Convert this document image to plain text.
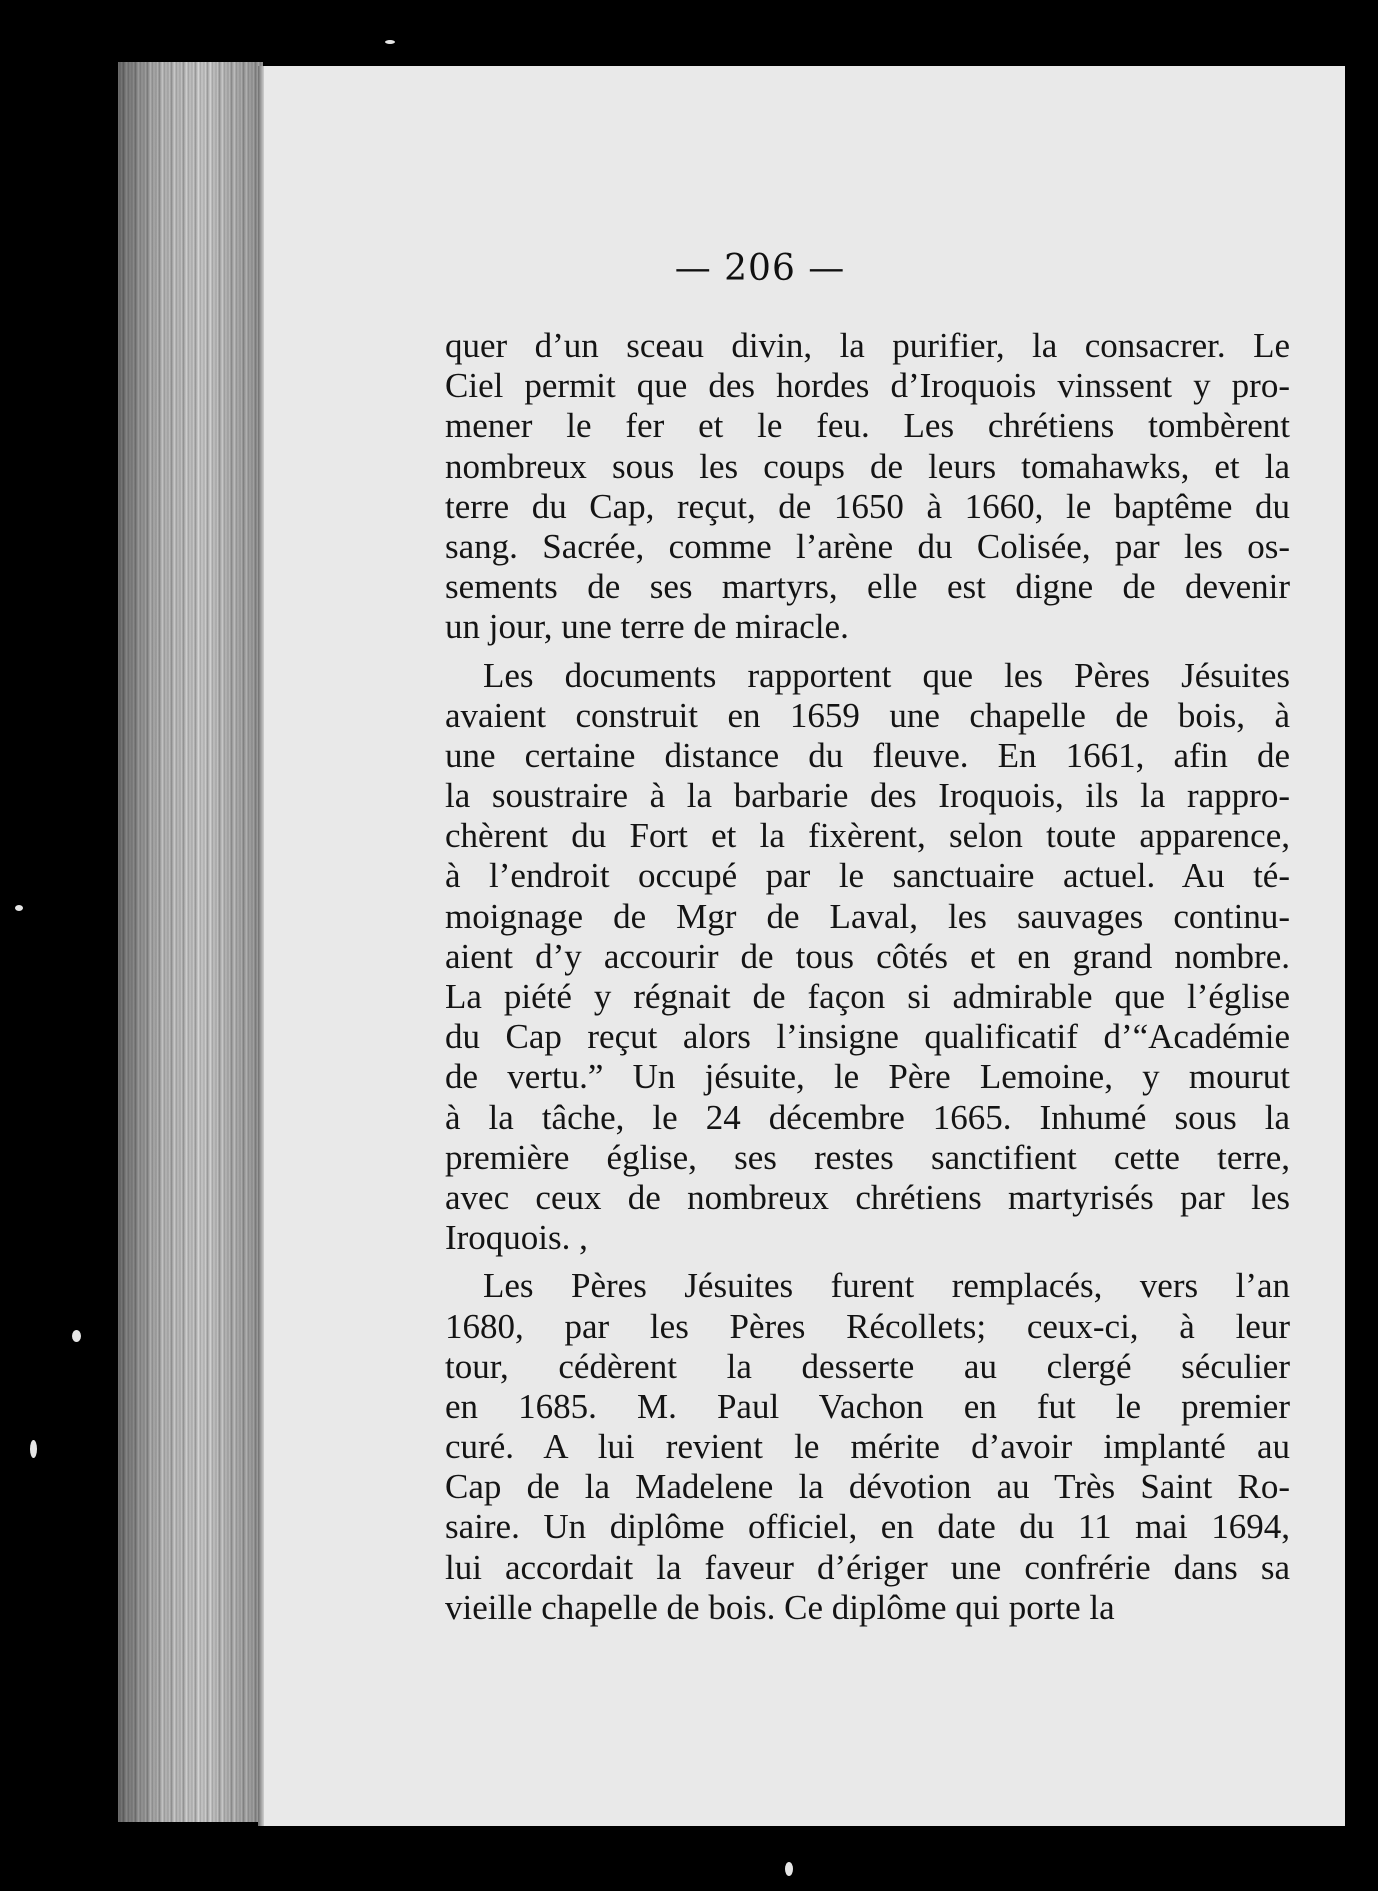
— 206 —
quer d’un sceau divin, la purifier, la consacrer. Le
Ciel permit que des hordes d’Iroquois vinssent y pro-
mener le fer et le feu. Les chrétiens tombèrent
nombreux sous les coups de leurs tomahawks, et la
terre du Cap, reçut, de 1650 à 1660, le baptême du
sang. Sacrée, comme l’arène du Colisée, par les os-
sements de ses martyrs, elle est digne de devenir
un jour, une terre de miracle.
Les documents rapportent que les Pères Jésuites
avaient construit en 1659 une chapelle de bois, à
une certaine distance du fleuve. En 1661, afin de
la soustraire à la barbarie des Iroquois, ils la rappro-
chèrent du Fort et la fixèrent, selon toute apparence,
à l’endroit occupé par le sanctuaire actuel. Au té-
moignage de Mgr de Laval, les sauvages continu-
aient d’y accourir de tous côtés et en grand nombre.
La piété y régnait de façon si admirable que l’église
du Cap reçut alors l’insigne qualificatif d’“Académie
de vertu.” Un jésuite, le Père Lemoine, y mourut
à la tâche, le 24 décembre 1665. Inhumé sous la
première église, ses restes sanctifient cette terre,
avec ceux de nombreux chrétiens martyrisés par les
Iroquois. ,
Les Pères Jésuites furent remplacés, vers l’an
1680, par les Pères Récollets; ceux-ci, à leur
tour, cédèrent la desserte au clergé séculier
en 1685. M. Paul Vachon en fut le premier
curé. A lui revient le mérite d’avoir implanté au
Cap de la Madelene la dévotion au Très Saint Ro-
saire. Un diplôme officiel, en date du 11 mai 1694,
lui accordait la faveur d’ériger une confrérie dans sa
vieille chapelle de bois. Ce diplôme qui porte la
